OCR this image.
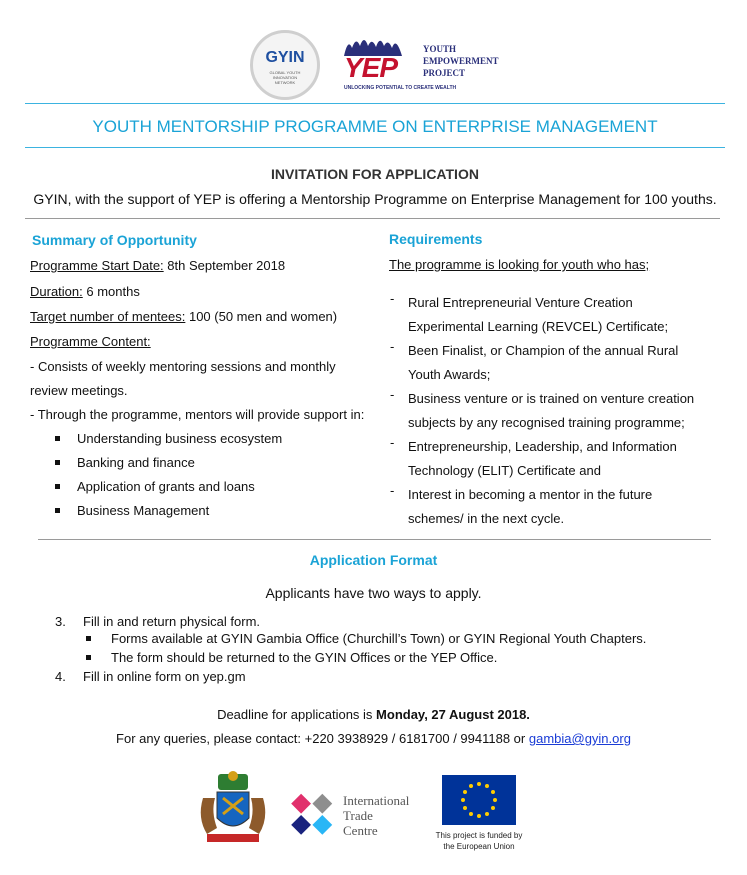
GYIN
GLOBAL YOUTH INNOVATION NETWORK	YEP
YOUTH
EMPOWERMENT
PROJECT
UNLOCKING POTENTIAL TO CREATE WEALTH
YOUTH MENTORSHIP PROGRAMME ON ENTERPRISE MANAGEMENT
INVITATION FOR APPLICATION
GYIN, with the support of YEP is offering a Mentorship Programme on Enterprise Management for 100 youths.
Summary of Opportunity
Programme Start Date: 8th September 2018
Duration: 6 months
Target number of mentees: 100 (50 men and women)
Programme Content:
- Consists of weekly mentoring sessions and monthly
review meetings.
- Through the programme, mentors will provide support in:
Understanding business ecosystem
Banking and finance
Application of grants and loans
Business Management
Requirements
The programme is looking for youth who has;
- Rural Entrepreneurial Venture Creation
Experimental Learning (REVCEL) Certificate;
- Been Finalist, or Champion of the annual Rural
Youth Awards;
- Business venture or is trained on venture creation
subjects by any recognised training programme;
- Entrepreneurship, Leadership, and Information
Technology (ELIT) Certificate and
- Interest in becoming a mentor in the future
schemes/ in the next cycle.
Application Format
Applicants have two ways to apply.
3. Fill in and return physical form.
Forms available at GYIN Gambia Office (Churchill’s Town) or GYIN Regional Youth Chapters.
The form should be returned to the GYIN Offices or the YEP Office.
4. Fill in online form on yep.gm
Deadline for applications is Monday, 27 August 2018.
For any queries, please contact: +220 3938929 / 6181700 / 9941188 or gambia@gyin.org
International
Trade
Centre	This project is funded by
the European Union
